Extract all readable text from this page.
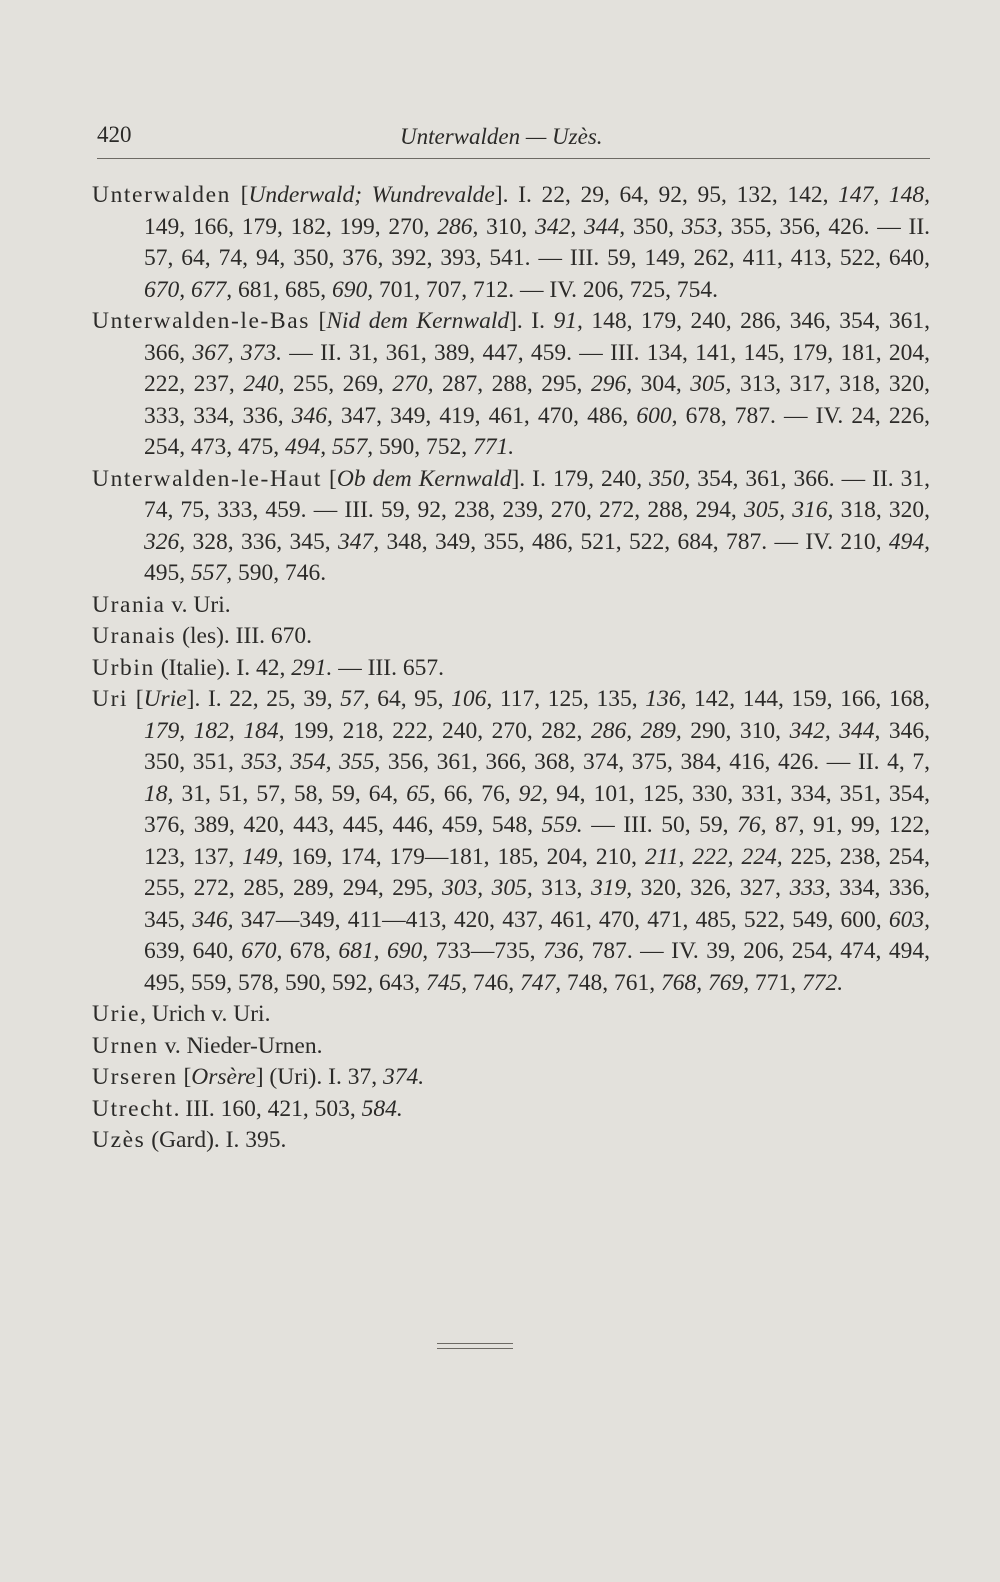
420	Unterwalden — Uzès.
Unterwalden [Underwald; Wundrevalde]. I. 22, 29, 64, 92, 95, 132, 142, 147, 148, 149, 166, 179, 182, 199, 270, 286, 310, 342, 344, 350, 353, 355, 356, 426. — II. 57, 64, 74, 94, 350, 376, 392, 393, 541. — III. 59, 149, 262, 411, 413, 522, 640, 670, 677, 681, 685, 690, 701, 707, 712. — IV. 206, 725, 754.
Unterwalden-le-Bas [Nid dem Kernwald]. I. 91, 148, 179, 240, 286, 346, 354, 361, 366, 367, 373. — II. 31, 361, 389, 447, 459. — III. 134, 141, 145, 179, 181, 204, 222, 237, 240, 255, 269, 270, 287, 288, 295, 296, 304, 305, 313, 317, 318, 320, 333, 334, 336, 346, 347, 349, 419, 461, 470, 486, 600, 678, 787. — IV. 24, 226, 254, 473, 475, 494, 557, 590, 752, 771.
Unterwalden-le-Haut [Ob dem Kernwald]. I. 179, 240, 350, 354, 361, 366. — II. 31, 74, 75, 333, 459. — III. 59, 92, 238, 239, 270, 272, 288, 294, 305, 316, 318, 320, 326, 328, 336, 345, 347, 348, 349, 355, 486, 521, 522, 684, 787. — IV. 210, 494, 495, 557, 590, 746.
Urania v. Uri.
Uranais (les). III. 670.
Urbin (Italie). I. 42, 291. — III. 657.
Uri [Urie]. I. 22, 25, 39, 57, 64, 95, 106, 117, 125, 135, 136, 142, 144, 159, 166, 168, 179, 182, 184, 199, 218, 222, 240, 270, 282, 286, 289, 290, 310, 342, 344, 346, 350, 351, 353, 354, 355, 356, 361, 366, 368, 374, 375, 384, 416, 426. — II. 4, 7, 18, 31, 51, 57, 58, 59, 64, 65, 66, 76, 92, 94, 101, 125, 330, 331, 334, 351, 354, 376, 389, 420, 443, 445, 446, 459, 548, 559. — III. 50, 59, 76, 87, 91, 99, 122, 123, 137, 149, 169, 174, 179—181, 185, 204, 210, 211, 222, 224, 225, 238, 254, 255, 272, 285, 289, 294, 295, 303, 305, 313, 319, 320, 326, 327, 333, 334, 336, 345, 346, 347—349, 411—413, 420, 437, 461, 470, 471, 485, 522, 549, 600, 603, 639, 640, 670, 678, 681, 690, 733—735, 736, 787. — IV. 39, 206, 254, 474, 494, 495, 559, 578, 590, 592, 643, 745, 746, 747, 748, 761, 768, 769, 771, 772.
Urie, Urich v. Uri.
Urnen v. Nieder-Urnen.
Urseren [Orsère] (Uri). I. 37, 374.
Utrecht. III. 160, 421, 503, 584.
Uzès (Gard). I. 395.
